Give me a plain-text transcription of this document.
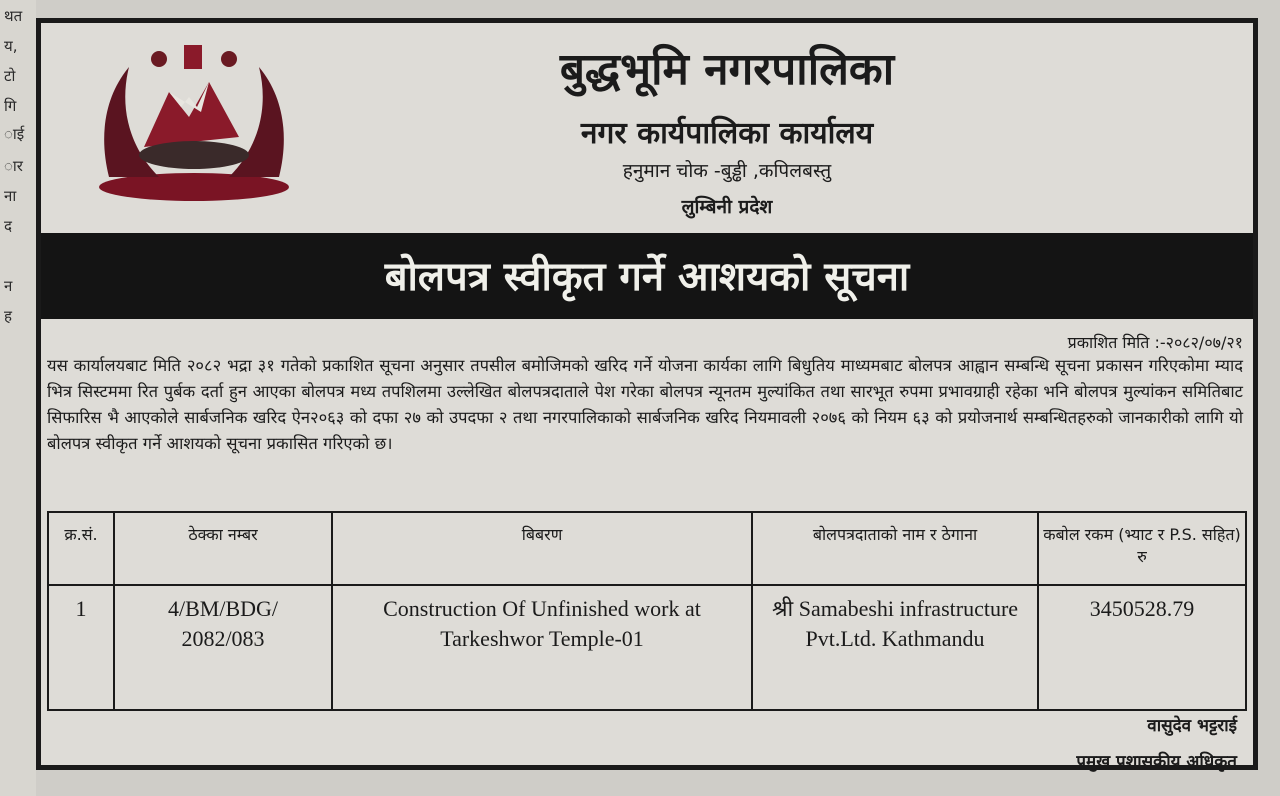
थत
य,
टो
गि
ाई
ार
ना
द
न
ह
बुद्धभूमि नगरपालिका
नगर कार्यपालिका कार्यालय
हनुमान चोक -बुड्ढी ,कपिलबस्तु
लुम्बिनी प्रदेश
बोलपत्र स्वीकृत गर्ने आशयको सूचना
प्रकाशित मिति :-२०८२/०७/२१
यस कार्यालयबाट मिति २०८२ भद्रा ३१ गतेको प्रकाशित सूचना अनुसार तपसील बमोजिमको खरिद गर्ने योजना कार्यका लागि बिधुतिय माध्यमबाट बोलपत्र आह्वान सम्बन्धि सूचना प्रकासन गरिएकोमा म्याद भित्र सिस्टममा रित पुर्बक दर्ता हुन आएका बोलपत्र मध्य तपशिलमा उल्लेखित बोलपत्रदाताले पेश गरेका बोलपत्र न्यूनतम मुल्यांकित तथा सारभूत रुपमा प्रभावग्राही रहेका भनि बोलपत्र मुल्यांकन समितिबाट सिफारिस भै आएकोले सार्बजनिक खरिद ऐन२०६३ को दफा २७ को उपदफा २ तथा नगरपालिकाको सार्बजनिक खरिद नियमावली २०७६ को नियम ६३ को प्रयोजनार्थ सम्बन्धितहरुको जानकारीको लागि यो बोलपत्र स्वीकृत गर्ने आशयको सूचना प्रकासित गरिएको छ।
क्र.सं.	ठेक्का नम्बर	बिबरण	बोलपत्रदाताको नाम र ठेगाना	कबोल रकम (भ्याट र P.S. सहित) रु
1	4/BM/BDG/ 2082/083	Construction Of Unfinished work at Tarkeshwor Temple-01	श्री Samabeshi infrastructure Pvt.Ltd. Kathmandu	3450528.79
वासुदेव भट्टराई
प्रमुख प्रशासकीय अधिकृत
